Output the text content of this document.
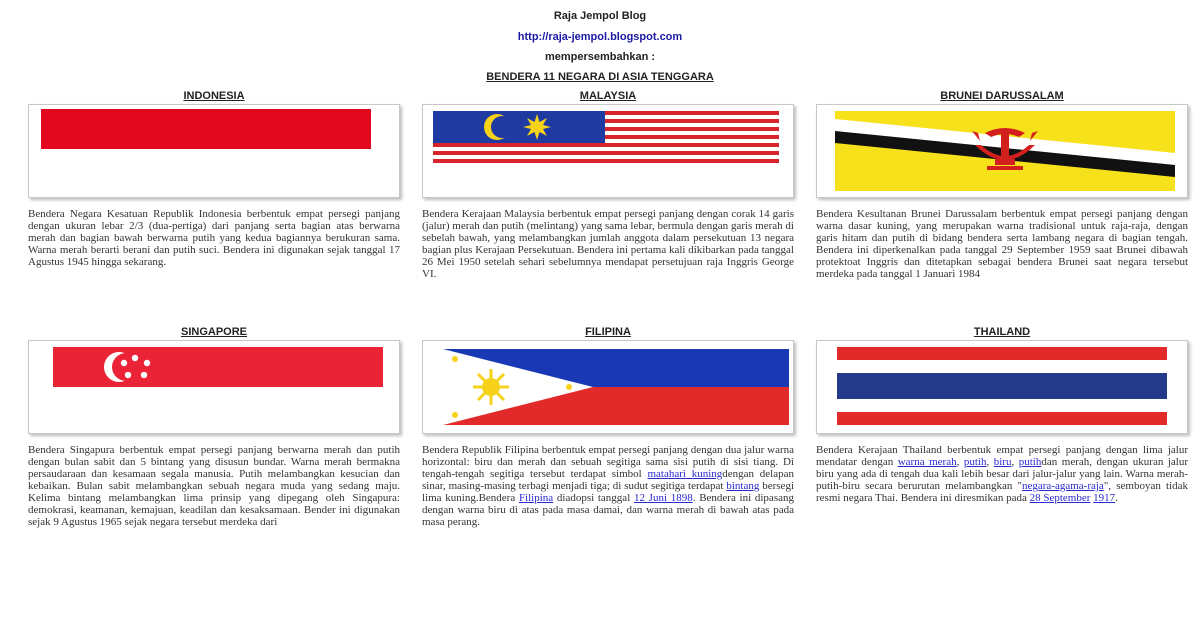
Raja Jempol Blog
http://raja-jempol.blogspot.com
mempersembahkan :
BENDERA 11 NEGARA DI ASIA TENGGARA
INDONESIA
Bendera Negara Kesatuan Republik Indonesia berbentuk empat persegi panjang dengan ukuran lebar 2/3 (dua-pertiga) dari panjang serta bagian atas berwarna merah dan bagian bawah berwarna putih yang kedua bagiannya berukuran sama. Warna merah berarti berani dan putih suci. Bendera ini digunakan sejak tanggal 17 Agustus 1945 hingga sekarang.
MALAYSIA
Bendera Kerajaan Malaysia berbentuk empat persegi panjang dengan corak 14 garis (jalur) merah dan putih (melintang) yang sama lebar, bermula dengan garis merah di sebelah bawah, yang melambangkan jumlah anggota dalam persekutuan 13 negara bagian plus Kerajaan Persekutuan. Bendera ini pertama kali dikibarkan pada tanggal 26 Mei 1950 setelah sehari sebelumnya mendapat persetujuan raja Inggris George VI.
BRUNEI DARUSSALAM
Bendera Kesultanan Brunei Darussalam berbentuk empat persegi panjang dengan warna dasar kuning, yang merupakan warna tradisional untuk raja-raja, dengan garis hitam dan putih di bidang bendera serta lambang negara di bagian tengah. Bendera ini diperkenalkan pada tanggal 29 September 1959 saat Brunei dibawah protektoat Inggris dan ditetapkan sebagai bendera Brunei saat negara tersebut merdeka pada tanggal 1 Januari 1984
SINGAPORE
Bendera Singapura berbentuk empat persegi panjang berwarna merah dan putih dengan bulan sabit dan 5 bintang yang disusun bundar. Warna merah bermakna persaudaraan dan kesamaan segala manusia. Putih melambangkan kesucian dan kebaikan. Bulan sabit melambangkan sebuah negara muda yang sedang maju. Kelima bintang melambangkan lima prinsip yang dipegang oleh Singapura: demokrasi, keamanan, kemajuan, keadilan dan kesaksamaan. Bender ini digunakan sejak 9 Agustus 1965 sejak negara tersebut merdeka dari
FILIPINA
Bendera Republik Filipina berbentuk empat persegi panjang dengan dua jalur warna horizontal: biru dan merah dan sebuah segitiga sama sisi putih di sisi tiang. Di tengah-tengah segitiga tersebut terdapat simbol matahari kuningdengan delapan sinar, masing-masing terbagi menjadi tiga; di sudut segitiga terdapat bintang bersegi lima kuning.Bendera Filipina diadopsi tanggal 12 Juni 1898. Bendera ini dipasang dengan warna biru di atas pada masa damai, dan warna merah di bawah atas pada masa perang.
THAILAND
Bendera Kerajaan Thailand berbentuk empat persegi panjang dengan lima jalur mendatar dengan warna merah, putih, biru, putihdan merah, dengan ukuran jalur biru yang ada di tengah dua kali lebih besar dari jalur-jalur yang lain. Warna merah-putih-biru secara berurutan melambangkan "negara-agama-raja", semboyan tidak resmi negara Thai. Bendera ini diresmikan pada 28 September 1917.
